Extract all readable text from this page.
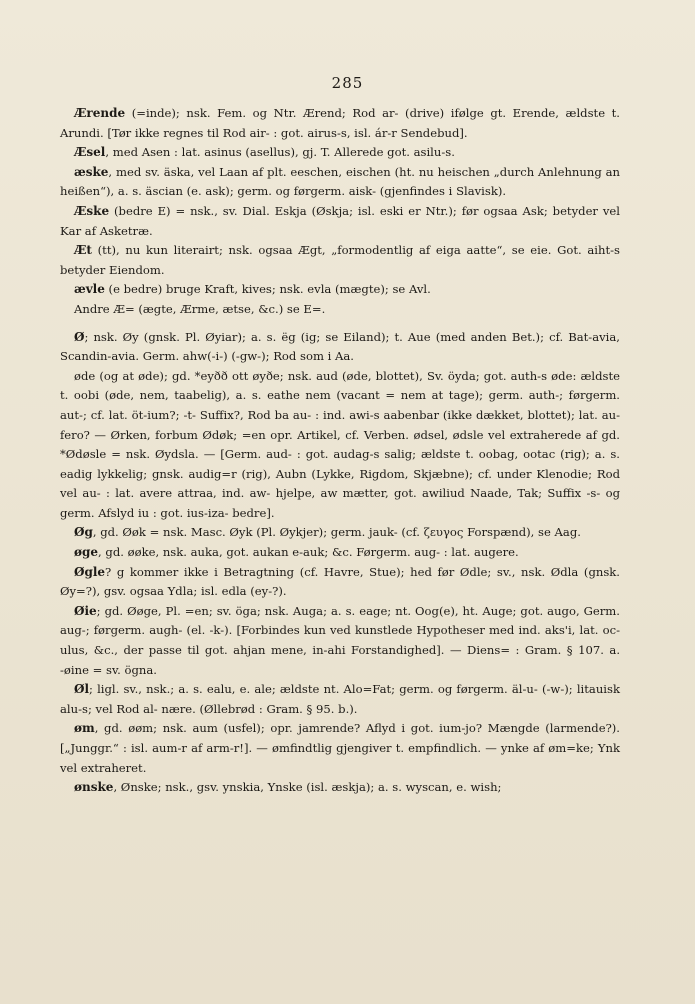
285

Ærende (=inde); nsk. Fem. og Ntr. Ærend; Rod ar- (drive) ifølge gt. Erende, ældste t. Arundi. [Tør ikke regnes til Rod air- : got. airus-s, isl. ár-r Sendebud].

Æsel, med Asen : lat. asinus (asellus), gj. T. Allerede got. asilu-s.

æske, med sv. äska, vel Laan af plt. eeschen, eischen (ht. nu heischen „durch Anlehnung an heißen“), a. s. äscian (e. ask); germ. og førgerm. aisk- (gjenfindes i Slavisk).

Æske (bedre E) = nsk., sv. Dial. Eskja (Øskja; isl. eski er Ntr.); før ogsaa Ask; betyder vel Kar af Asketræ.

Æt (tt), nu kun literairt; nsk. ogsaa Ægt, „formodentlig af eiga aatte“, se eie. Got. aiht-s betyder Eiendom.

ævle (e bedre) bruge Kraft, kives; nsk. evla (mægte); se Avl.

Andre Æ= (ægte, Ærme, ætse, &c.) se E=.

Ø; nsk. Øy (gnsk. Pl. Øyiar); a. s. ëg (ig; se Eiland); t. Aue (med anden Bet.); cf. Bat-avia, Scandin-avia. Germ. ahw(-i-) (-gw-); Rod som i Aa.

øde (og at øde); gd. *eyðð ott øyðe; nsk. aud (øde, blottet), Sv. öyda; got. auth-s øde: ældste t. oobi (øde, nem, taabelig), a. s. eathe nem (vacant = nem at tage); germ. auth-; førgerm. aut-; cf. lat. öt-ium?; -t- Suffix?, Rod ba au- : ind. awi-s aabenbar (ikke dækket, blottet); lat. au-fero? — Ørken, forbum Ødøk; =en opr. Artikel, cf. Verben. ødsel, ødsle vel extraherede af gd. *Ødøsle = nsk. Øydsla. — [Germ. aud- : got. audag-s salig; ældste t. oobag, ootac (rig); a. s. eadig lykkelig; gnsk. audig=r (rig), Aubn (Lykke, Rigdom, Skjæbne); cf. under Klenodie; Rod vel au- : lat. avere attraa, ind. aw- hjelpe, aw mætter, got. awiliud Naade, Tak; Suffix -s- og germ. Afslyd iu : got. ius-iza- bedre].

Øg, gd. Øøk = nsk. Masc. Øyk (Pl. Øykjer); germ. jauk- (cf. ζευγος Forspænd), se Aag.

øge, gd. øøke, nsk. auka, got. aukan e-auk; &c. Førgerm. aug- : lat. augere.

Øgle? g kommer ikke i Betragtning (cf. Havre, Stue); hed før Ødle; sv., nsk. Ødla (gnsk. Øy=?), gsv. ogsaa Ydla; isl. edla (ey-?).

Øie; gd. Øøge, Pl. =en; sv. öga; nsk. Auga; a. s. eage; nt. Oog(e), ht. Auge; got. augo, Germ. aug-; førgerm. augh- (el. -k-). [Forbindes kun ved kunstlede Hypotheser med ind. aks'i, lat. oc-ulus, &c., der passe til got. ahjan mene, in-ahi Forstandighed]. — Diens= : Gram. § 107. a. -øine = sv. ögna.

Øl; ligl. sv., nsk.; a. s. ealu, e. ale; ældste nt. Alo=Fat; germ. og førgerm. äl-u- (-w-); litauisk alu-s; vel Rod al- nære. (Øllebrød : Gram. § 95. b.).

øm, gd. øøm; nsk. aum (usfel); opr. jamrende? Aflyd i got. ium-jo? Mængde (larmende?). [„Junggr.“ : isl. aum-r af arm-r!]. — ømfindtlig gjengiver t. empfindlich. — ynke af øm=ke; Ynk vel extraheret.

ønske, Ønske; nsk., gsv. ynskia, Ynske (isl. æskja); a. s. wyscan, e. wish;
